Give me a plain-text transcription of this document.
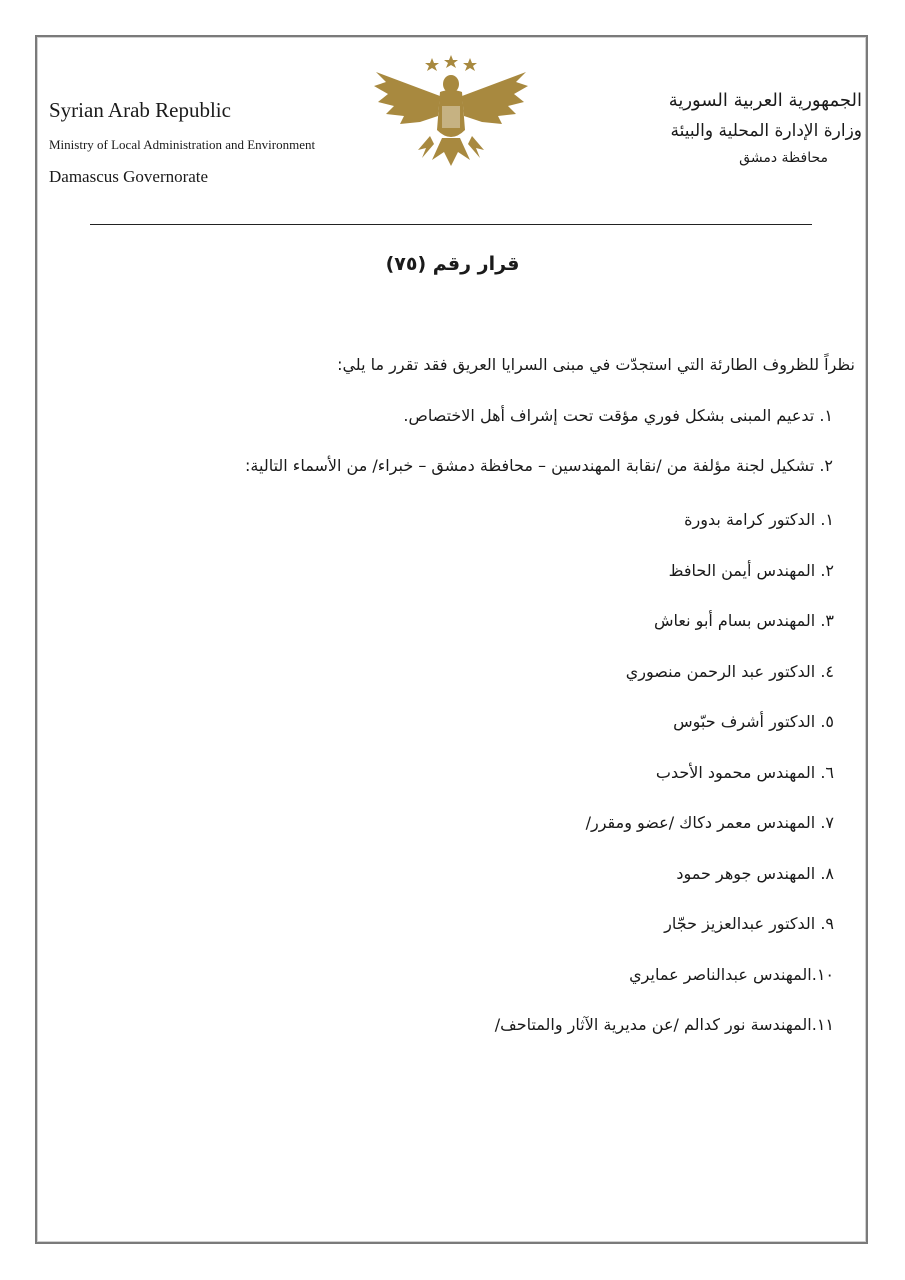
Syrian Arab Republic
Ministry of Local Administration and Environment
Damascus Governorate
الجمهورية العربية السورية
وزارة الإدارة المحلية والبيئة
محافظة دمشق
قرار رقم (٧٥)
نظراً للظروف الطارئة التي استجدّت في مبنى السرايا العريق فقد تقرر ما يلي:
١. تدعيم المبنى بشكل فوري مؤقت تحت إشراف أهل الاختصاص.
٢. تشكيل لجنة مؤلفة من /نقابة المهندسين – محافظة دمشق – خبراء/ من الأسماء التالية:
١. الدكتور كرامة بدورة
٢. المهندس أيمن الحافظ
٣. المهندس بسام أبو نعاش
٤. الدكتور عبد الرحمن منصوري
٥. الدكتور أشرف حبّوس
٦. المهندس محمود الأحدب
٧. المهندس معمر دكاك /عضو ومقرر/
٨. المهندس جوهر حمود
٩. الدكتور عبدالعزيز حجّار
١٠.المهندس عبدالناصر عمايري
١١.المهندسة نور كدالم /عن مديرية الآثار والمتاحف/
